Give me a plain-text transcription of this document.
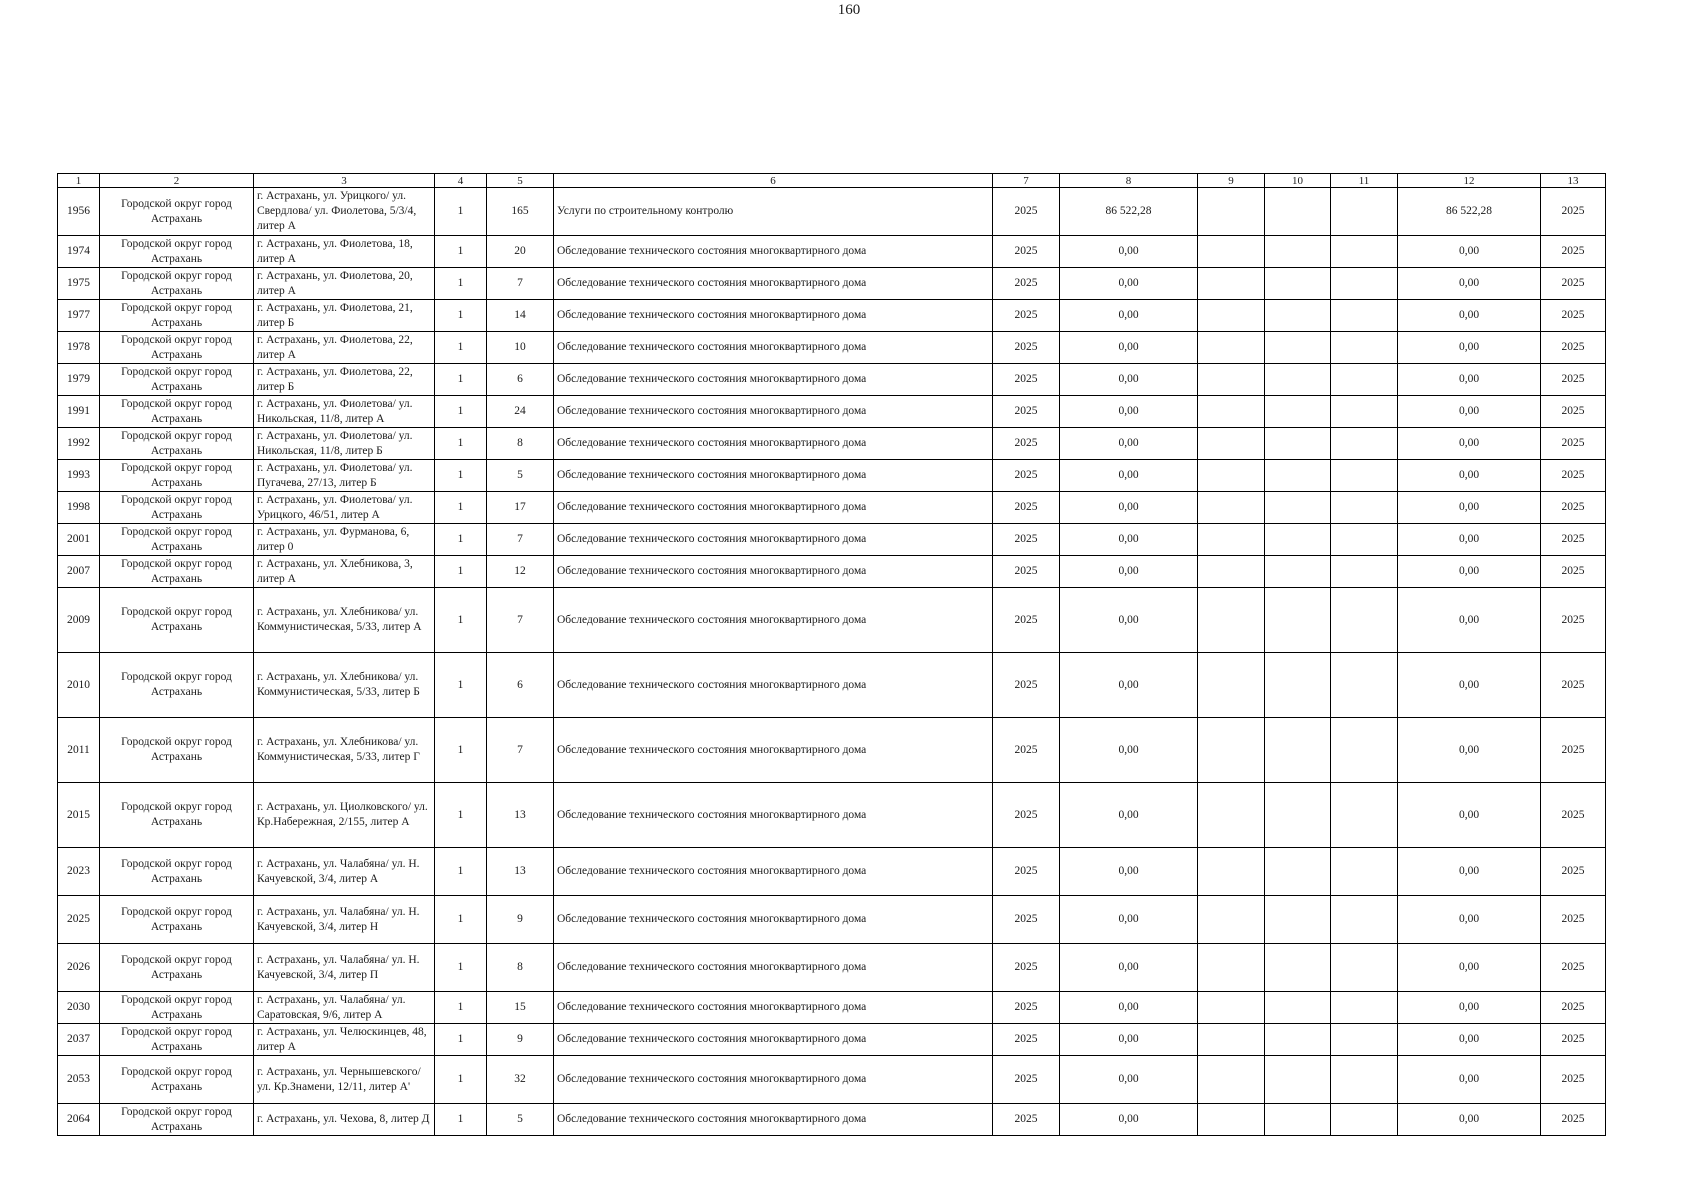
160
1	2	3	4	5	6	7	8	9	10	11	12	13
1956	Городской округ город Астрахань	г. Астрахань, ул. Урицкого/ ул. Свердлова/ ул. Фиолетова, 5/3/4, литер А	1	165	Услуги по строительному контролю	2025	86 522,28				86 522,28	2025
1974	Городской округ город Астрахань	г. Астрахань, ул. Фиолетова, 18, литер А	1	20	Обследование технического состояния многоквартирного дома	2025	0,00				0,00	2025
1975	Городской округ город Астрахань	г. Астрахань, ул. Фиолетова, 20, литер А	1	7	Обследование технического состояния многоквартирного дома	2025	0,00				0,00	2025
1977	Городской округ город Астрахань	г. Астрахань, ул. Фиолетова, 21, литер Б	1	14	Обследование технического состояния многоквартирного дома	2025	0,00				0,00	2025
1978	Городской округ город Астрахань	г. Астрахань, ул. Фиолетова, 22, литер А	1	10	Обследование технического состояния многоквартирного дома	2025	0,00				0,00	2025
1979	Городской округ город Астрахань	г. Астрахань, ул. Фиолетова, 22, литер Б	1	6	Обследование технического состояния многоквартирного дома	2025	0,00				0,00	2025
1991	Городской округ город Астрахань	г. Астрахань, ул. Фиолетова/ ул. Никольская, 11/8, литер А	1	24	Обследование технического состояния многоквартирного дома	2025	0,00				0,00	2025
1992	Городской округ город Астрахань	г. Астрахань, ул. Фиолетова/ ул. Никольская, 11/8, литер Б	1	8	Обследование технического состояния многоквартирного дома	2025	0,00				0,00	2025
1993	Городской округ город Астрахань	г. Астрахань, ул. Фиолетова/ ул. Пугачева, 27/13, литер Б	1	5	Обследование технического состояния многоквартирного дома	2025	0,00				0,00	2025
1998	Городской округ город Астрахань	г. Астрахань, ул. Фиолетова/ ул. Урицкого, 46/51, литер А	1	17	Обследование технического состояния многоквартирного дома	2025	0,00				0,00	2025
2001	Городской округ город Астрахань	г. Астрахань, ул. Фурманова, 6, литер 0	1	7	Обследование технического состояния многоквартирного дома	2025	0,00				0,00	2025
2007	Городской округ город Астрахань	г. Астрахань, ул. Хлебникова, 3, литер А	1	12	Обследование технического состояния многоквартирного дома	2025	0,00				0,00	2025
2009	Городской округ город Астрахань	г. Астрахань, ул. Хлебникова/ ул. Коммунистическая, 5/33, литер А	1	7	Обследование технического состояния многоквартирного дома	2025	0,00				0,00	2025
2010	Городской округ город Астрахань	г. Астрахань, ул. Хлебникова/ ул. Коммунистическая, 5/33, литер Б	1	6	Обследование технического состояния многоквартирного дома	2025	0,00				0,00	2025
2011	Городской округ город Астрахань	г. Астрахань, ул. Хлебникова/ ул. Коммунистическая, 5/33, литер Г	1	7	Обследование технического состояния многоквартирного дома	2025	0,00				0,00	2025
2015	Городской округ город Астрахань	г. Астрахань, ул. Циолковского/ ул. Кр.Набережная, 2/155, литер А	1	13	Обследование технического состояния многоквартирного дома	2025	0,00				0,00	2025
2023	Городской округ город Астрахань	г. Астрахань, ул. Чалабяна/ ул. Н. Качуевской, 3/4, литер А	1	13	Обследование технического состояния многоквартирного дома	2025	0,00				0,00	2025
2025	Городской округ город Астрахань	г. Астрахань, ул. Чалабяна/ ул. Н. Качуевской, 3/4, литер Н	1	9	Обследование технического состояния многоквартирного дома	2025	0,00				0,00	2025
2026	Городской округ город Астрахань	г. Астрахань, ул. Чалабяна/ ул. Н. Качуевской, 3/4, литер П	1	8	Обследование технического состояния многоквартирного дома	2025	0,00				0,00	2025
2030	Городской округ город Астрахань	г. Астрахань, ул. Чалабяна/ ул. Саратовская, 9/6, литер А	1	15	Обследование технического состояния многоквартирного дома	2025	0,00				0,00	2025
2037	Городской округ город Астрахань	г. Астрахань, ул. Челюскинцев, 48, литер А	1	9	Обследование технического состояния многоквартирного дома	2025	0,00				0,00	2025
2053	Городской округ город Астрахань	г. Астрахань, ул. Чернышевского/ ул. Кр.Знамени, 12/11, литер А'	1	32	Обследование технического состояния многоквартирного дома	2025	0,00				0,00	2025
2064	Городской округ город Астрахань	г. Астрахань, ул. Чехова, 8, литер Д	1	5	Обследование технического состояния многоквартирного дома	2025	0,00				0,00	2025
